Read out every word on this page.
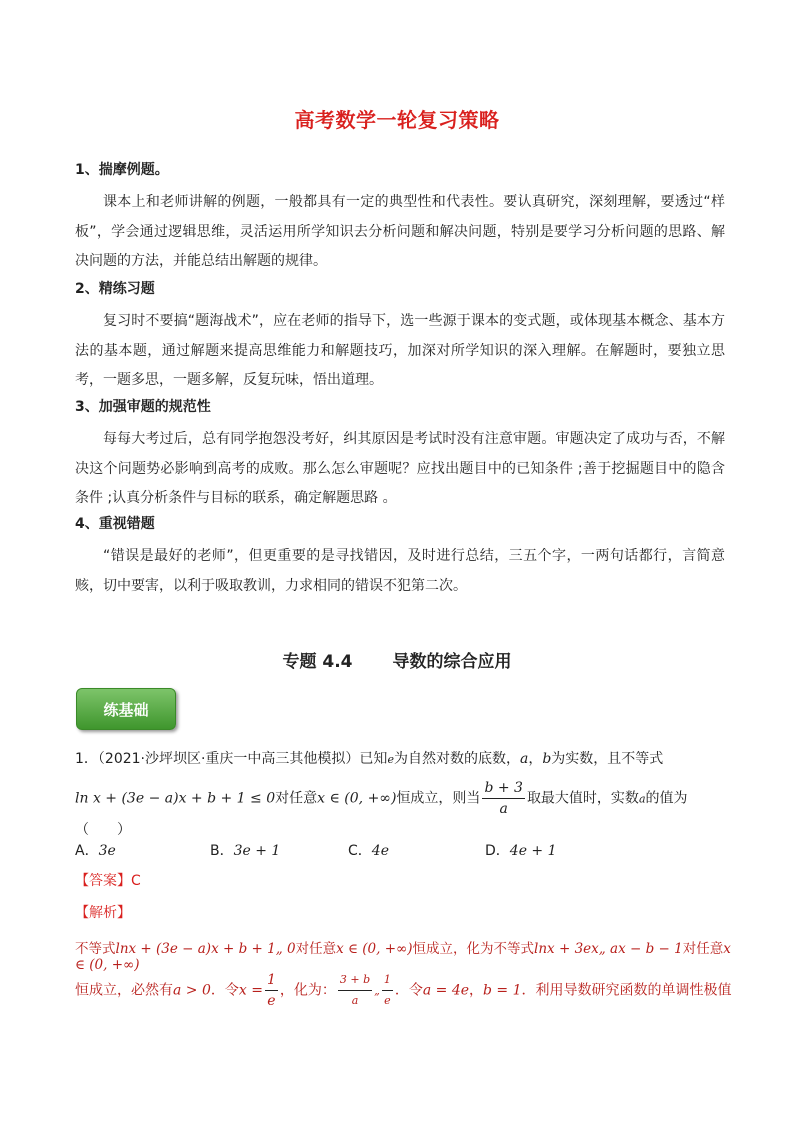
高考数学一轮复习策略

1、揣摩例题。

课本上和老师讲解的例题，一般都具有一定的典型性和代表性。要认真研究，深刻理解，要透过“样板”，学会通过逻辑思维，灵活运用所学知识去分析问题和解决问题，特别是要学习分析问题的思路、解决问题的方法，并能总结出解题的规律。

2、精练习题

复习时不要搞“题海战术”，应在老师的指导下，选一些源于课本的变式题，或体现基本概念、基本方法的基本题，通过解题来提高思维能力和解题技巧，加深对所学知识的深入理解。在解题时，要独立思考，一题多思，一题多解，反复玩味，悟出道理。

3、加强审题的规范性

每每大考过后，总有同学抱怨没考好，纠其原因是考试时没有注意审题。审题决定了成功与否，不解决这个问题势必影响到高考的成败。那么怎么审题呢？应找出题目中的已知条件 ;善于挖掘题目中的隐含条件 ;认真分析条件与目标的联系，确定解题思路 。

4、重视错题

“错误是最好的老师”，但更重要的是寻找错因，及时进行总结，三五个字，一两句话都行，言简意赅，切中要害，以利于吸取教训，力求相同的错误不犯第二次。

专题 4.4 导数的综合应用
练基础
1．（2021·沙坪坝区·重庆一中高三其他模拟）已知e为自然对数的底数，a，b为实数，且不等式
ln x + (3e − a)x + b + 1 ≤ 0对任意x ∈ (0, +∞)恒成立，则当 $\frac{b + 3}{a}$ 取最大值时，实数a的值为（　　）
A．3e	B．3e + 1	C．4e	D．4e + 1
【答案】C
【解析】
不等式lnx + (3e − a)x + b + 1„ 0对任意x ∈ (0, +∞)恒成立，化为不等式lnx + 3ex„ ax − b − 1对任意x ∈ (0, +∞)
恒成立，必然有a > 0．令$x = \frac{1}{e}$ ，化为： $\frac{3 + b}{a}$ „ $\frac{1}{e}$ ．令a = 4e，b = 1．利用导数研究函数的单调性极值
